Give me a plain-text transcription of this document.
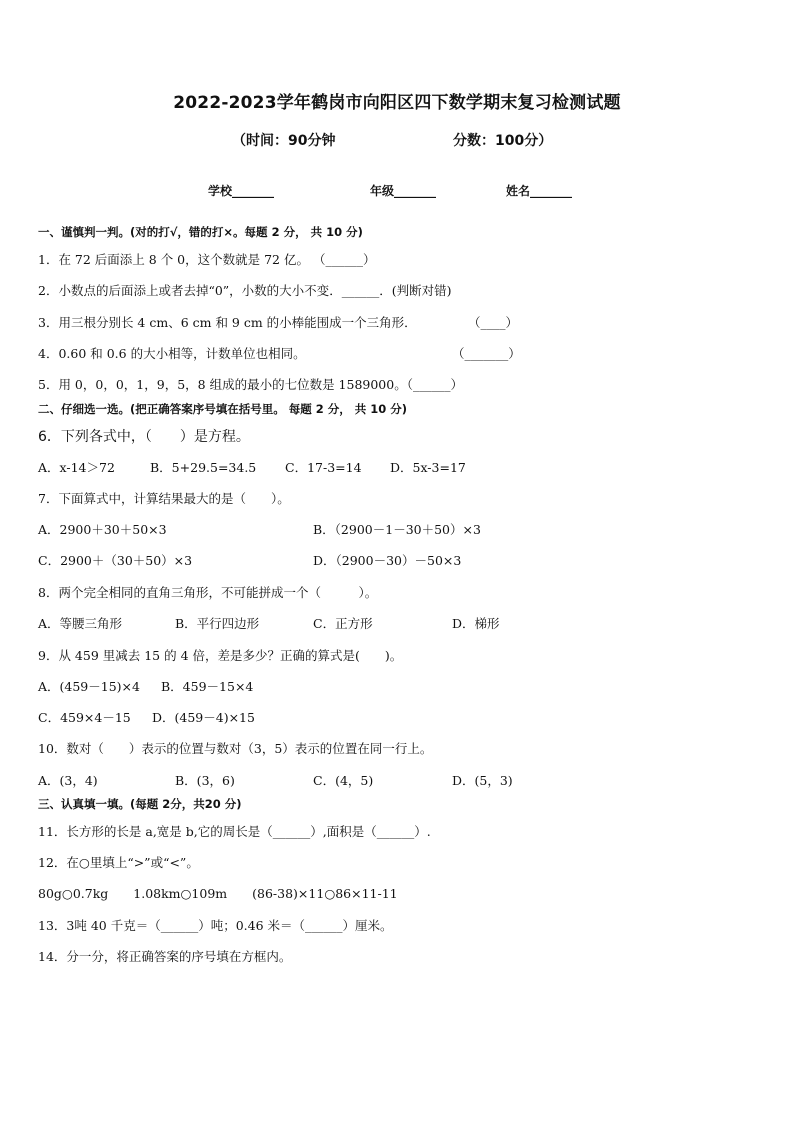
2022-2023学年鹤岗市向阳区四下数学期末复习检测试题
（时间：90分钟	分数：100分）
学校_______	年级_______	姓名_______
一、谨慎判一判。(对的打√，错的打×。每题 2 分， 共 10 分)
1．在 72 后面添上 8 个 0，这个数就是 72 亿。 （______）
2．小数点的后面添上或者去掉“0”，小数的大小不变．______．(判断对错)
3．用三根分别长 4 cm、6 cm 和 9 cm 的小棒能围成一个三角形．	（____）
4．0.60 和 0.6 的大小相等，计数单位也相同。	（_______）
5．用 0，0，0，1，9，5，8 组成的最小的七位数是 1589000。（______）
二、仔细选一选。(把正确答案序号填在括号里。 每题 2 分， 共 10 分)
6．下列各式中，（　　）是方程。
A．x-14＞72	B．5+29.5=34.5 C．17-3=14 D．5x-3=17
7．下面算式中，计算结果最大的是（　　）。
A．2900＋30＋50×3	B．（2900－1－30＋50）×3
C．2900＋（30＋50）×3	D．（2900－30）－50×3
8．两个完全相同的直角三角形，不可能拼成一个（　　　）。
A．等腰三角形	B．平行四边形	C．正方形	D．梯形
9．从 459 里减去 15 的 4 倍，差是多少？正确的算式是(　　)。
A．(459－15)×4 B．459－15×4
C．459×4－15 D．(459－4)×15
10．数对（　　）表示的位置与数对（3，5）表示的位置在同一行上。
A．(3，4)	B．(3，6)	C．(4，5)	D．(5，3)
三、认真填一填。(每题 2分，共20 分)
11．长方形的长是 a,宽是 b,它的周长是（______）,面积是（______）.
12．在○里填上“>”或“<”。
80g○0.7kg　　1.08km○109m　　(86-38)×11○86×11-11
13．3吨 40 千克＝（______）吨；0.46 米＝（______）厘米。
14．分一分，将正确答案的序号填在方框内。
